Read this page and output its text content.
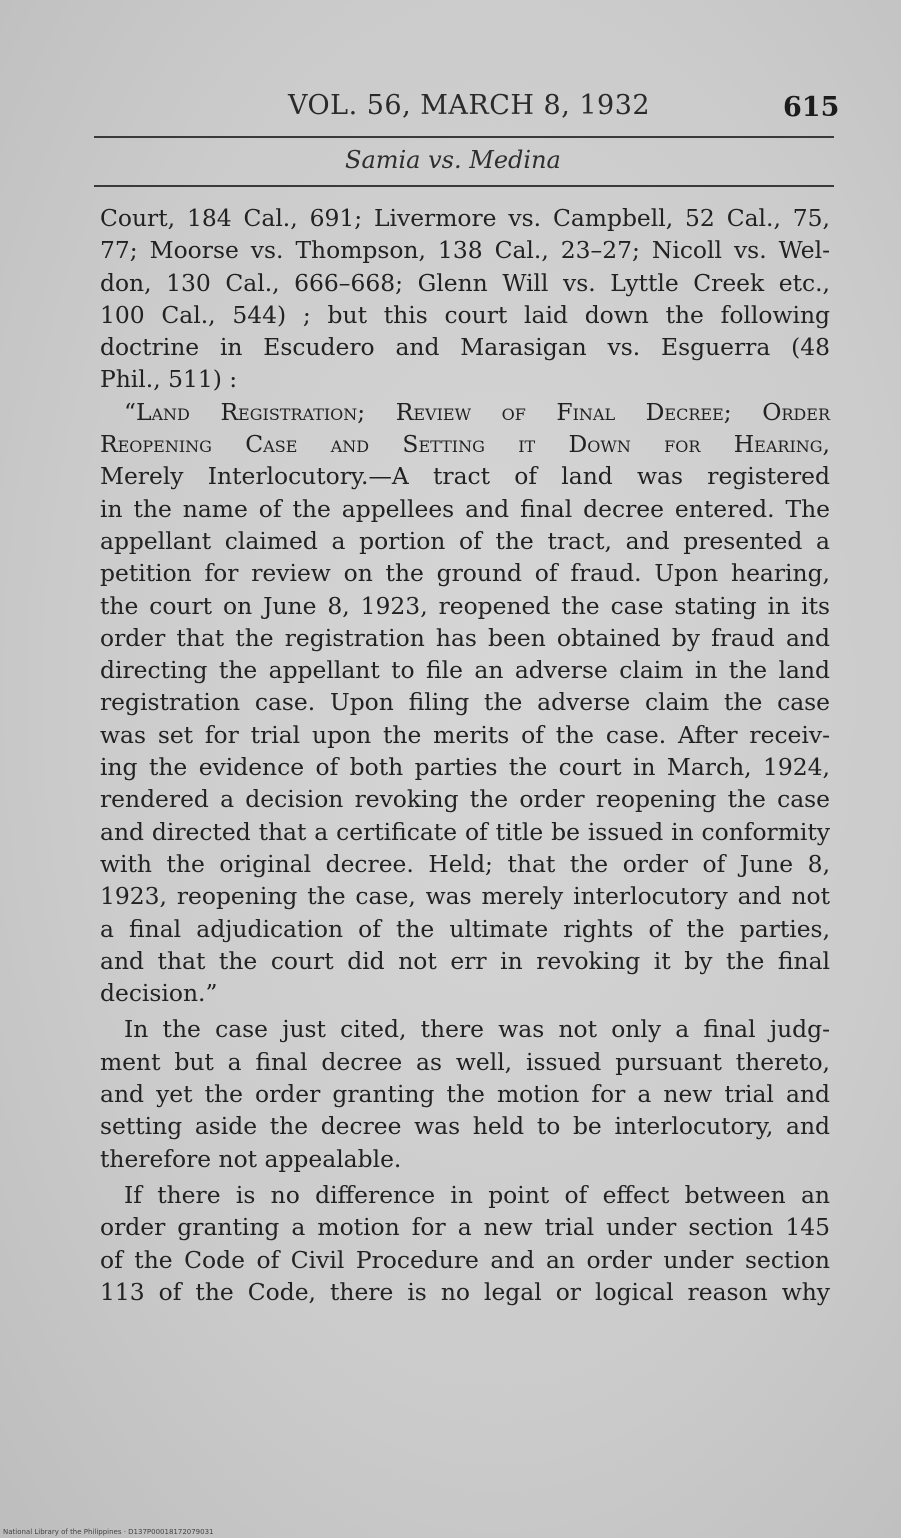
VOL. 56, MARCH 8, 1932	615
Samia vs. Medina

Court, 184 Cal., 691; Livermore vs. Campbell, 52 Cal., 75,
77; Moorse vs. Thompson, 138 Cal., 23–27; Nicoll vs. Wel-
don, 130 Cal., 666–668; Glenn Will vs. Lyttle Creek etc.,
100 Cal., 544) ; but this court laid down the following
doctrine in Escudero and Marasigan vs. Esguerra (48
Phil., 511) :

“Land Registration; Review of Final Decree; Order
Reopening Case and Setting it Down for Hearing,
Merely Interlocutory.—A tract of land was registered
in the name of the appellees and final decree entered. The
appellant claimed a portion of the tract, and presented a
petition for review on the ground of fraud. Upon hearing,
the court on June 8, 1923, reopened the case stating in its
order that the registration has been obtained by fraud and
directing the appellant to file an adverse claim in the land
registration case. Upon filing the adverse claim the case
was set for trial upon the merits of the case. After receiv-
ing the evidence of both parties the court in March, 1924,
rendered a decision revoking the order reopening the case
and directed that a certificate of title be issued in conformity
with the original decree. Held; that the order of June 8,
1923, reopening the case, was merely interlocutory and not
a final adjudication of the ultimate rights of the parties,
and that the court did not err in revoking it by the final
decision.”

In the case just cited, there was not only a final judg-
ment but a final decree as well, issued pursuant thereto,
and yet the order granting the motion for a new trial and
setting aside the decree was held to be interlocutory, and
therefore not appealable.

If there is no difference in point of effect between an
order granting a motion for a new trial under section 145
of the Code of Civil Procedure and an order under section
113 of the Code, there is no legal or logical reason why

National Library of the Philippines · D137P00018172079031
